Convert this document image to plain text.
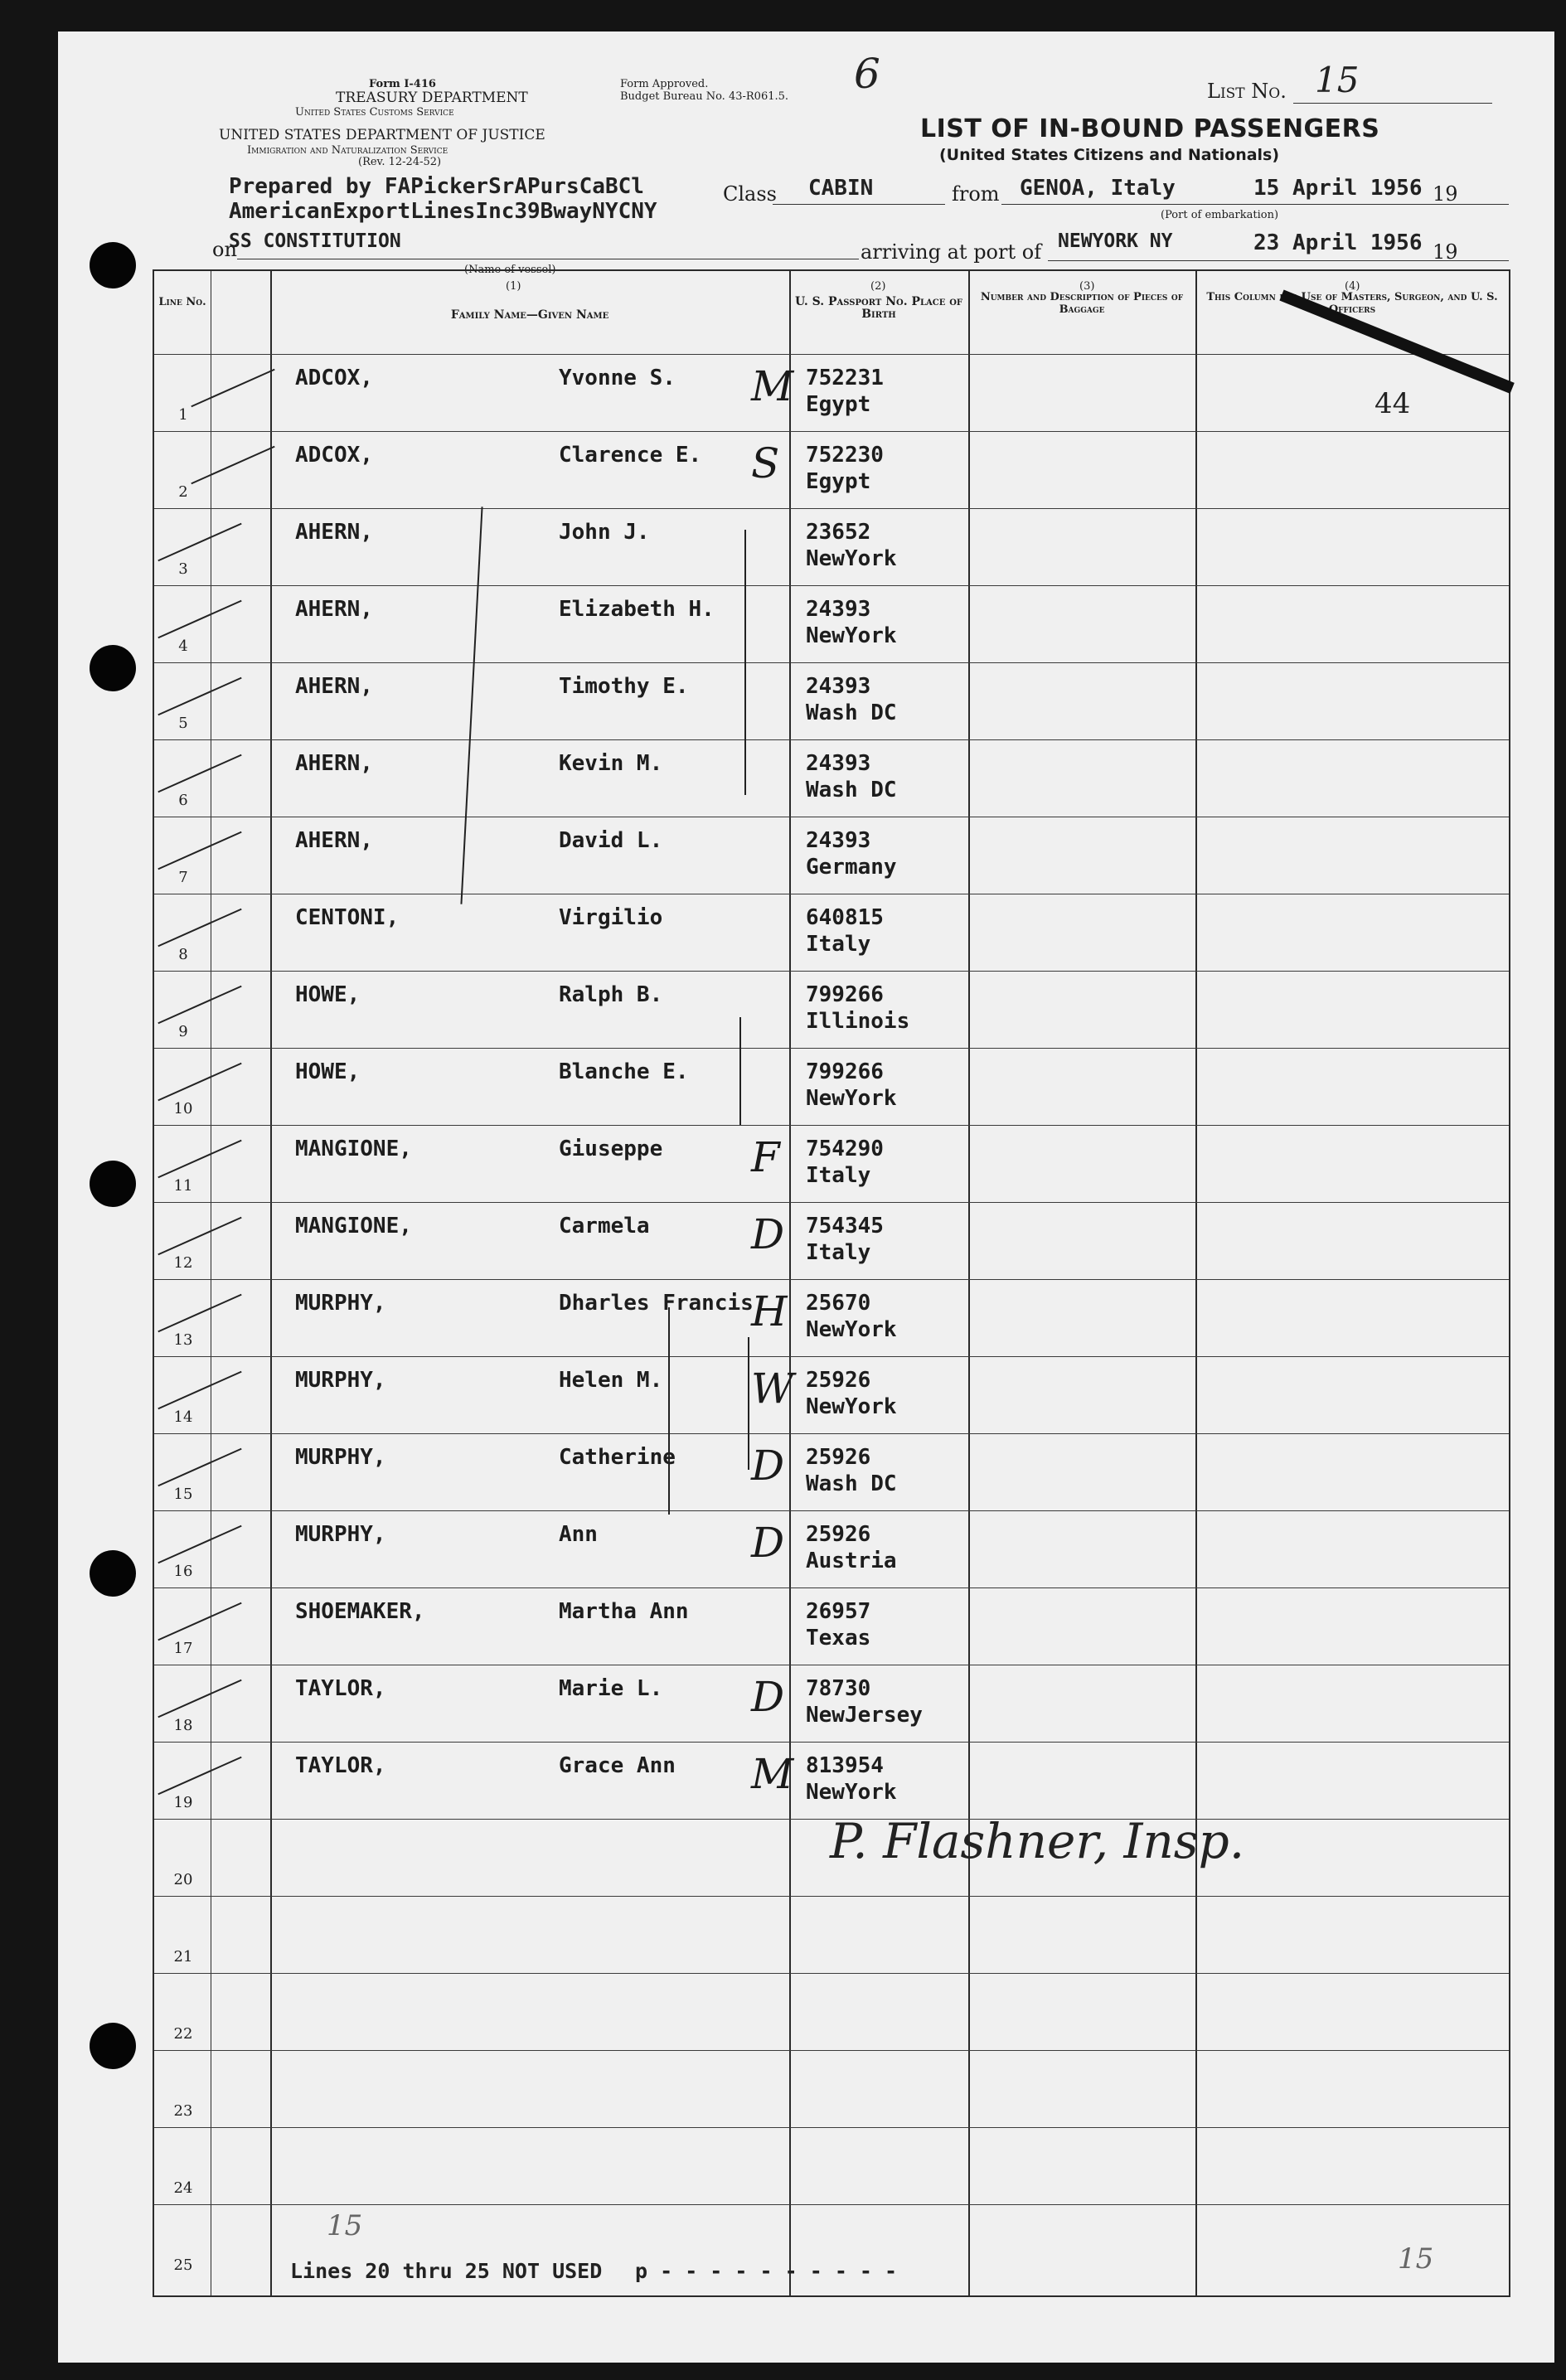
Form I-416
TREASURY DEPARTMENT
United States Customs Service
UNITED STATES DEPARTMENT OF JUSTICE
Immigration and Naturalization Service
(Rev. 12-24-52)
Form Approved.
Budget Bureau No. 43-R061.5. 6	List No. 15
LIST OF IN-BOUND PASSENGERS
(United States Citizens and Nationals)
Prepared by FAPickerSrAPursCaBCl
AmericanExportLinesInc39BwayNYCNY
Class CABIN	from GENOA, Italy	15 April 1956 19
on
SS CONSTITUTION
(Name of vessel)
arriving at port of NEWYORK NY	23 April 1956 19
(Port of embarkation)
(1)	(2)	(3)	(4)
Line No.
Family Name—Given Name
U. S. Passport No. Place of Birth
Number and Description of Pieces of Baggage
This Column for Use of Masters, Surgeon, and U. S. Officers
1
ADCOX,	Yvonne S.	752231
Egypt
M
2
ADCOX,	Clarence E.	752230
Egypt
S
3
AHERN,	John J.	23652
NewYork
4
AHERN,	Elizabeth H.	24393
NewYork
5
AHERN,	Timothy E.	24393
Wash DC
6
AHERN,	Kevin M.	24393
Wash DC
7
AHERN,	David L.	24393
Germany
8
CENTONI,	Virgilio	640815
Italy
9
HOWE,	Ralph B.	799266
Illinois
10
HOWE,	Blanche E.	799266
NewYork
11
MANGIONE,	Giuseppe	754290
Italy
F
12
MANGIONE,	Carmela	754345
Italy
D
13
MURPHY,	Dharles Francis 25670
NewYork
H
14
MURPHY,	Helen M.	25926
NewYork
W
15
MURPHY,	Catherine	25926
Wash DC
D
16
MURPHY,	Ann	25926
Austria
D
17
SHOEMAKER,	Martha Ann	26957
Texas
18
TAYLOR,	Marie L.	78730
NewJersey
D
19
TAYLOR,	Grace Ann	813954
NewYork
M
20
21
22
23
24
25
44
P. Flashner, Insp.
Lines 20 thru 25 NOT USED p - - - - - - - - - -
15
15
